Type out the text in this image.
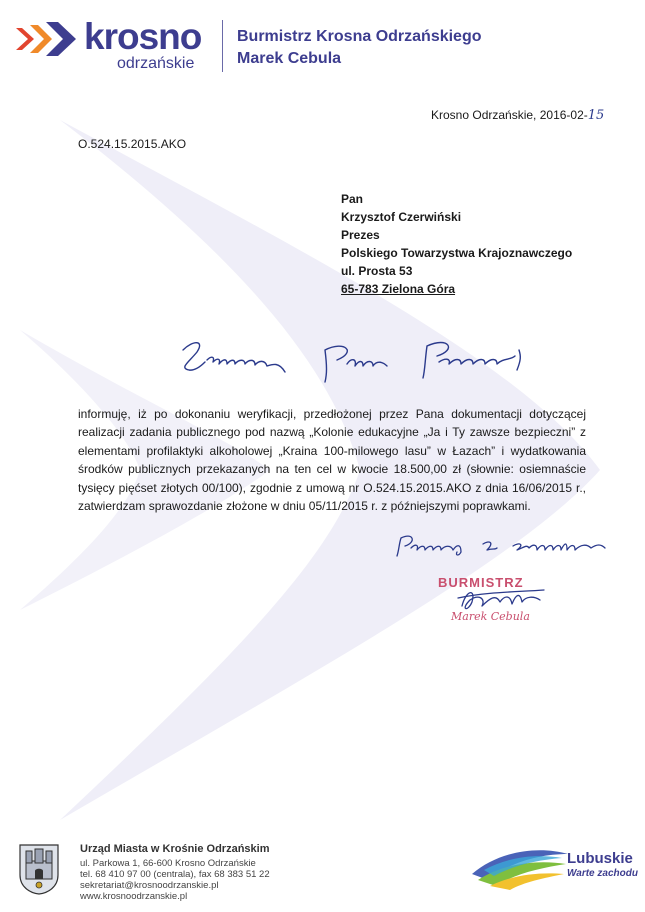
krosno
odrzańskie
Burmistrz Krosna Odrzańskiego
Marek Cebula
Krosno Odrzańskie, 2016-02-15
O.524.15.2015.AKO
Pan
Krzysztof Czerwiński
Prezes
Polskiego Towarzystwa Krajoznawczego
ul. Prosta 53
65-783 Zielona Góra
informuję, iż po dokonaniu weryfikacji, przedłożonej przez Pana dokumentacji dotyczącej realizacji zadania publicznego pod nazwą „Kolonie edukacyjne „Ja i Ty zawsze bezpieczni” z elementami profilaktyki alkoholowej „Kraina 100-milowego lasu” w Łazach” i wydatkowania środków publicznych przekazanych na ten cel w kwocie 18.500,00 zł (słownie: osiemnaście tysięcy pięćset złotych 00/100), zgodnie z umową nr O.524.15.2015.AKO z dnia 16/06/2015 r., zatwierdzam sprawozdanie złożone w dniu 05/11/2015 r. z późniejszymi poprawkami.
BURMISTRZ
Marek Cebula
Urząd Miasta w Krośnie Odrzańskim
ul. Parkowa 1, 66-600 Krosno Odrzańskie
tel. 68 410 97 00 (centrala), fax 68 383 51 22
sekretariat@krosnoodrzanskie.pl
www.krosnoodrzanskie.pl
Lubuskie
Warte zachodu
